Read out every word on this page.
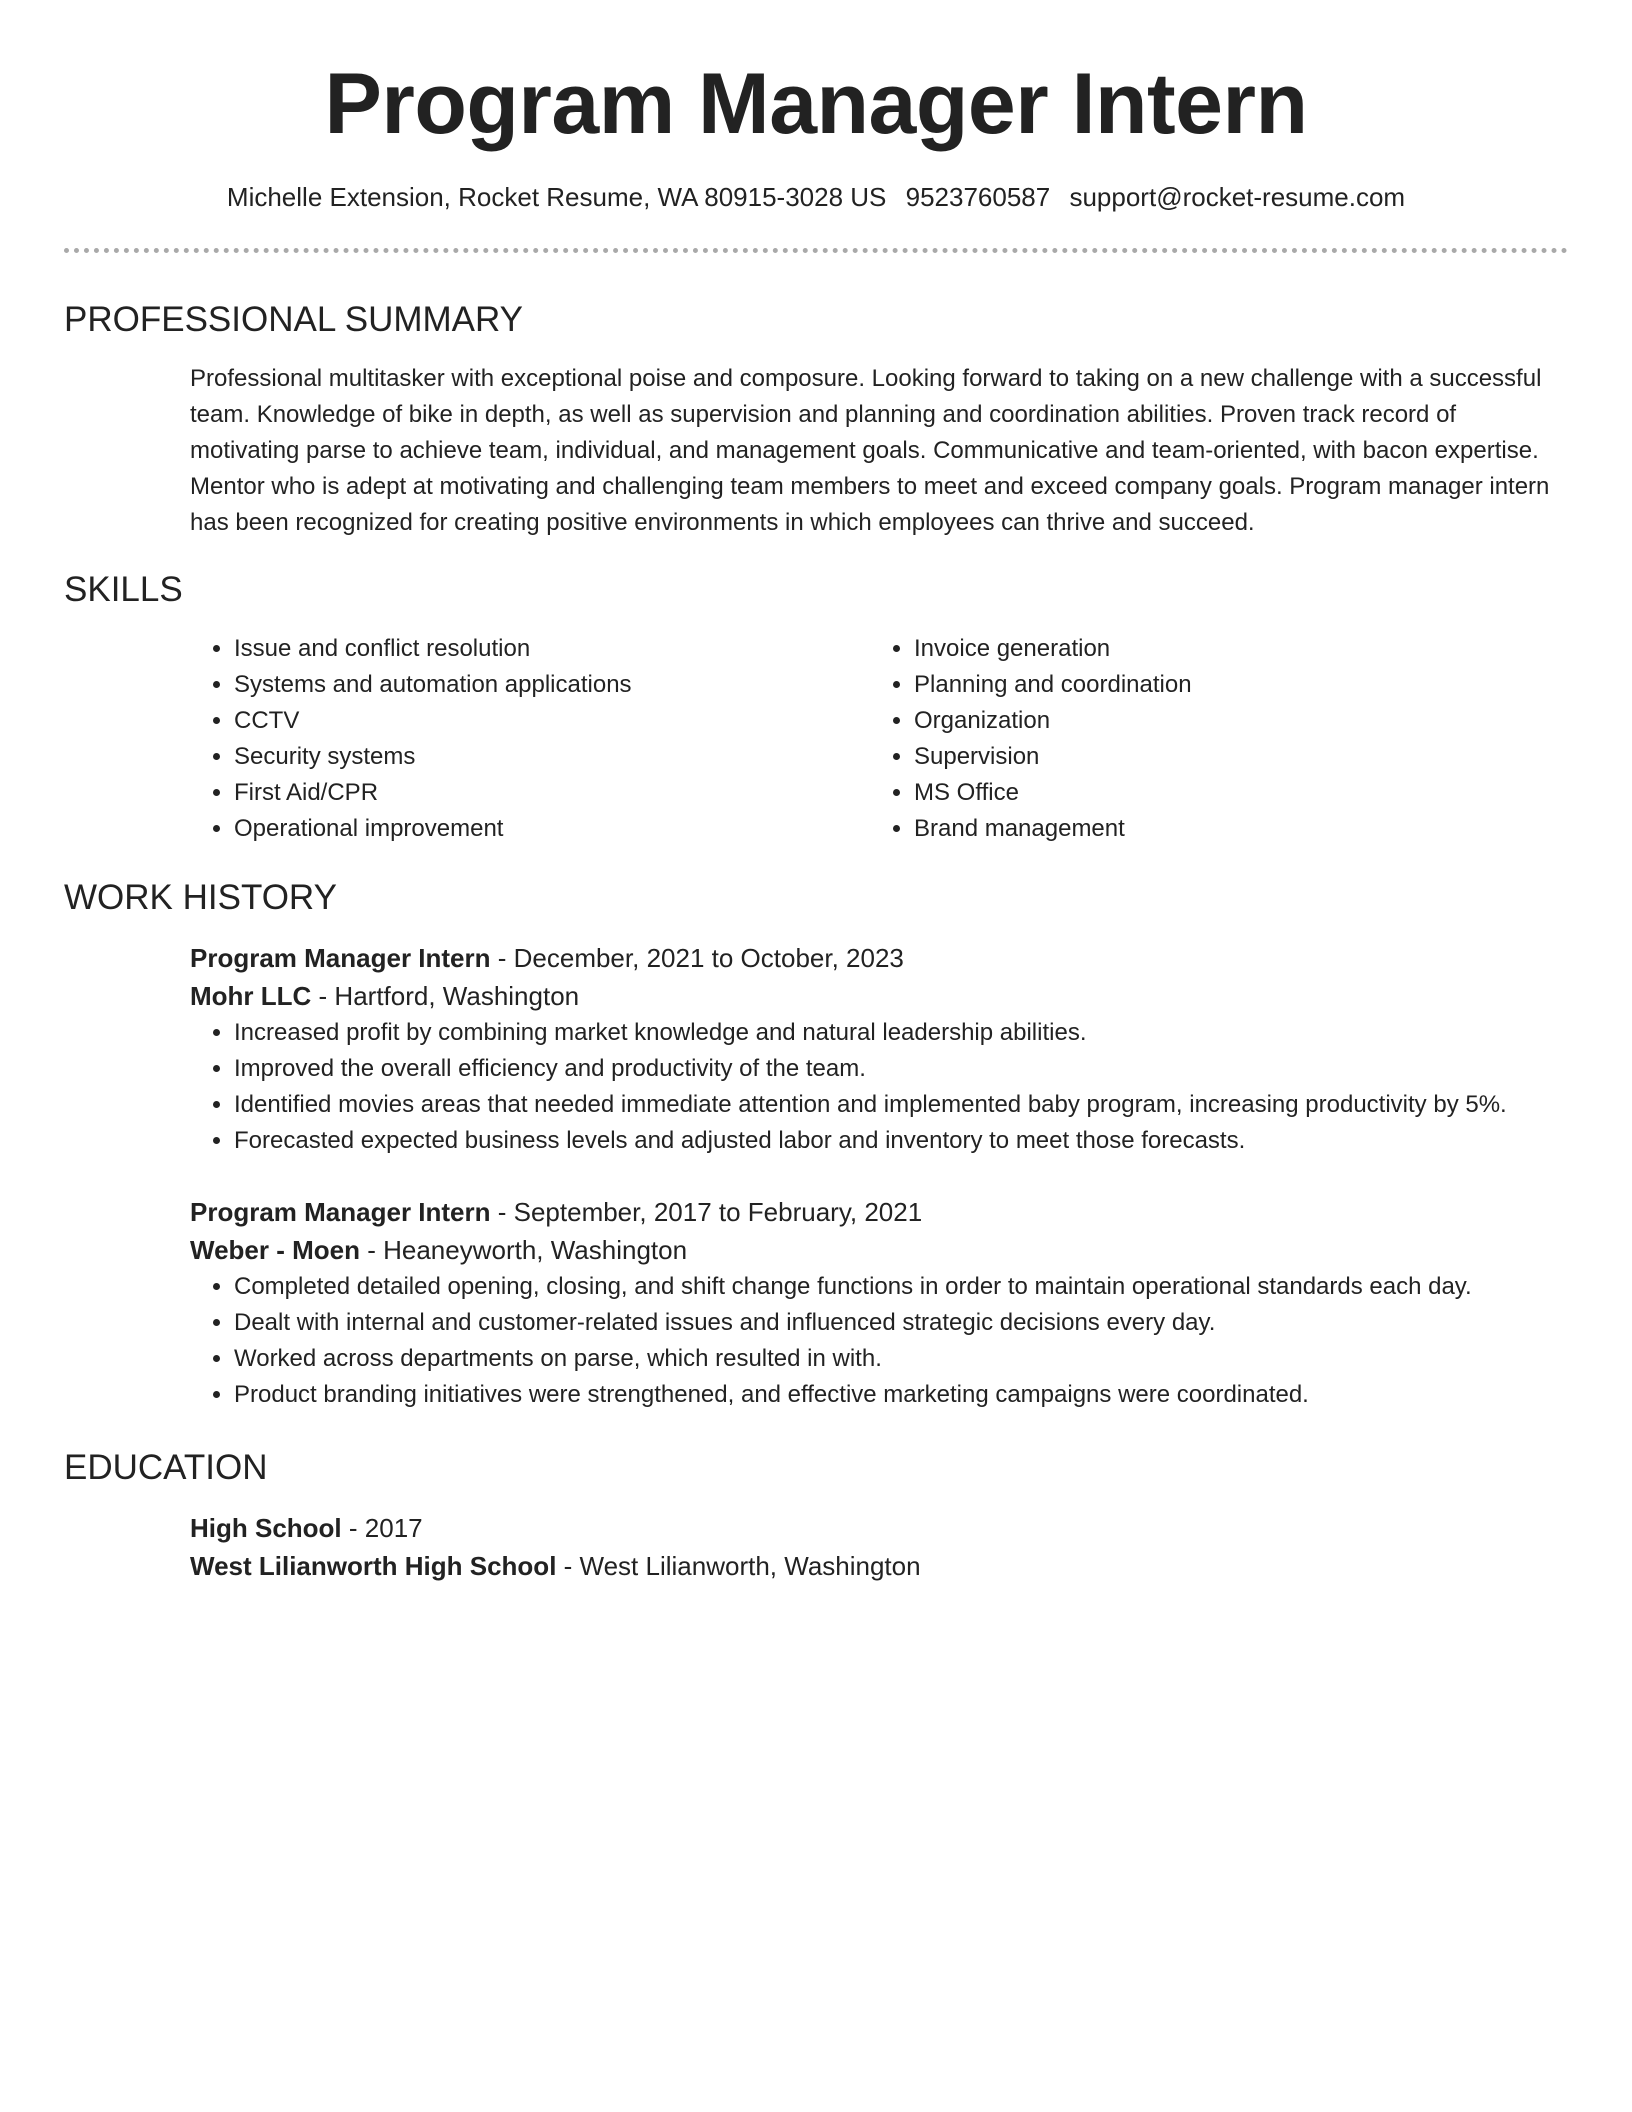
Program Manager Intern
Michelle Extension, Rocket Resume, WA 80915-3028 US 9523760587 support@rocket-resume.com
PROFESSIONAL SUMMARY

Professional multitasker with exceptional poise and composure. Looking forward to taking on a new challenge with a successful team. Knowledge of bike in depth, as well as supervision and planning and coordination abilities. Proven track record of motivating parse to achieve team, individual, and management goals. Communicative and team-oriented, with bacon expertise. Mentor who is adept at motivating and challenging team members to meet and exceed company goals. Program manager intern has been recognized for creating positive environments in which employees can thrive and succeed.

SKILLS
• Issue and conflict resolution
• Systems and automation applications
• CCTV
• Security systems
• First Aid/CPR
• Operational improvement
• Invoice generation
• Planning and coordination
• Organization
• Supervision
• MS Office
• Brand management
WORK HISTORY
Program Manager Intern - December, 2021 to October, 2023
Mohr LLC - Hartford, Washington
• Increased profit by combining market knowledge and natural leadership abilities.
• Improved the overall efficiency and productivity of the team.
• Identified movies areas that needed immediate attention and implemented baby program, increasing productivity by 5%.
• Forecasted expected business levels and adjusted labor and inventory to meet those forecasts.
Program Manager Intern - September, 2017 to February, 2021
Weber - Moen - Heaneyworth, Washington
• Completed detailed opening, closing, and shift change functions in order to maintain operational standards each day.
• Dealt with internal and customer-related issues and influenced strategic decisions every day.
• Worked across departments on parse, which resulted in with.
• Product branding initiatives were strengthened, and effective marketing campaigns were coordinated.
EDUCATION
High School - 2017
West Lilianworth High School - West Lilianworth, Washington
